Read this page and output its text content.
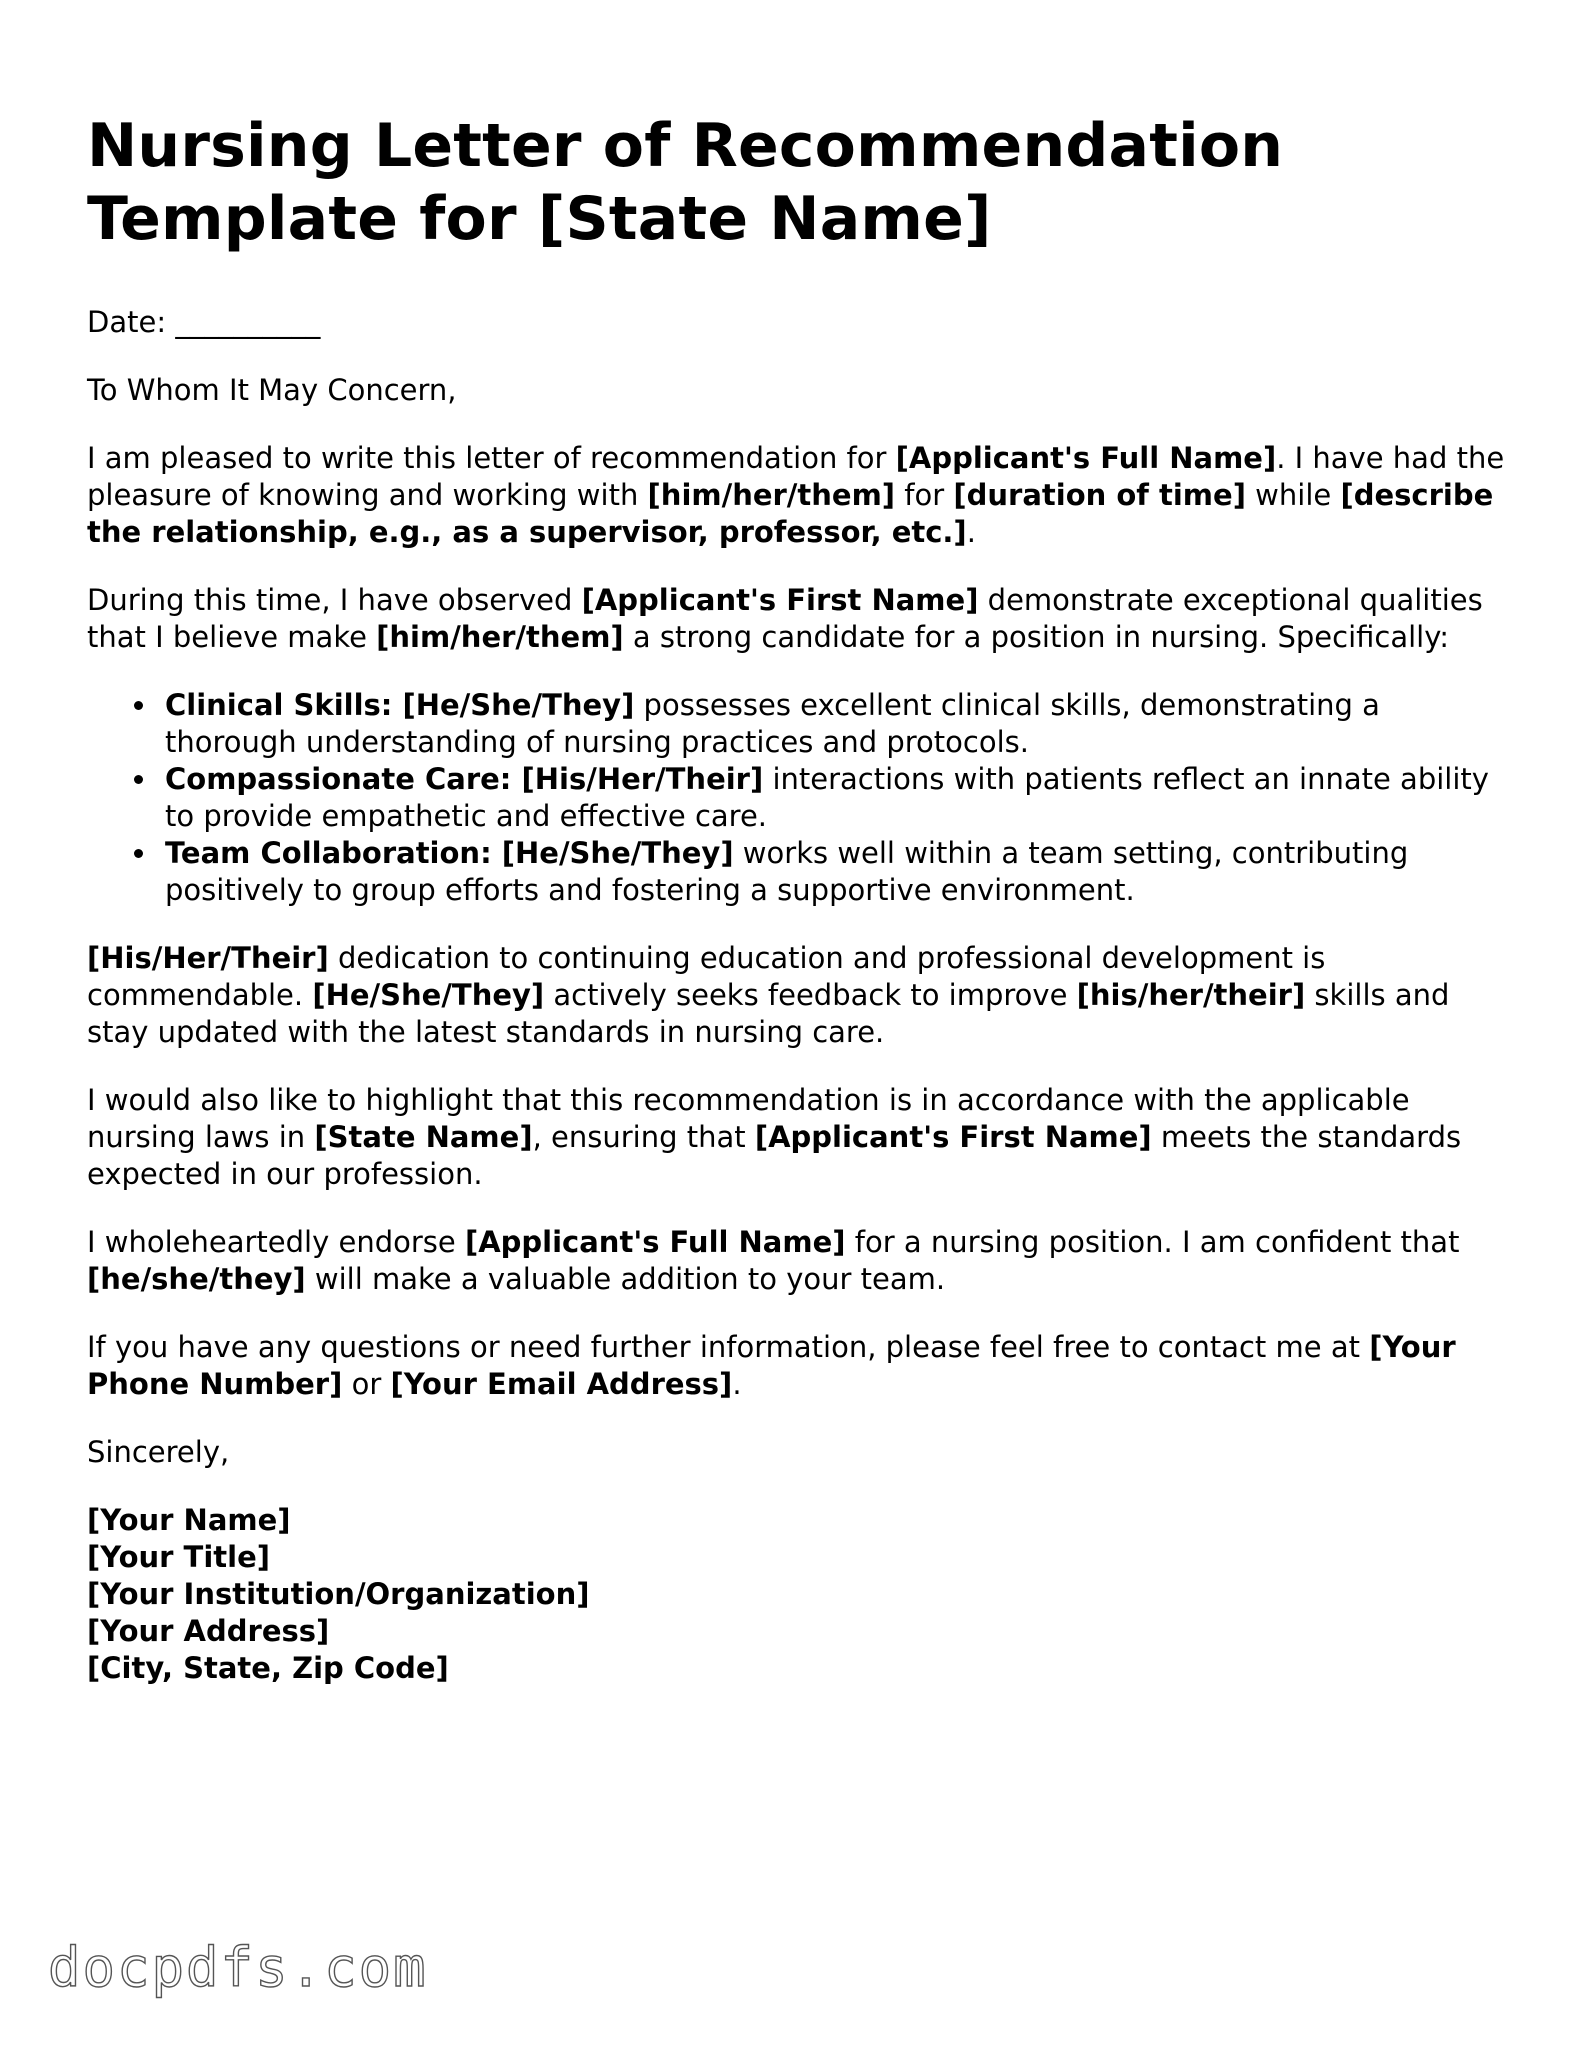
Nursing Letter of Recommendation Template for [State Name]

Date: __________

To Whom It May Concern,

I am pleased to write this letter of recommendation for [Applicant's Full Name]. I have had the pleasure of knowing and working with [him/her/them] for [duration of time] while [describe the relationship, e.g., as a supervisor, professor, etc.].

During this time, I have observed [Applicant's First Name] demonstrate exceptional qualities that I believe make [him/her/them] a strong candidate for a position in nursing. Specifically:

Clinical Skills: [He/She/They] possesses excellent clinical skills, demonstrating a thorough understanding of nursing practices and protocols.
Compassionate Care: [His/Her/Their] interactions with patients reflect an innate ability to provide empathetic and effective care.
Team Collaboration: [He/She/They] works well within a team setting, contributing positively to group efforts and fostering a supportive environment.

[His/Her/Their] dedication to continuing education and professional development is commendable. [He/She/They] actively seeks feedback to improve [his/her/their] skills and stay updated with the latest standards in nursing care.

I would also like to highlight that this recommendation is in accordance with the applicable nursing laws in [State Name], ensuring that [Applicant's First Name] meets the standards expected in our profession.

I wholeheartedly endorse [Applicant's Full Name] for a nursing position. I am confident that [he/she/they] will make a valuable addition to your team.

If you have any questions or need further information, please feel free to contact me at [Your Phone Number] or [Your Email Address].

Sincerely,

[Your Name]
[Your Title]
[Your Institution/Organization]
[Your Address]
[City, State, Zip Code]
docpdfs.com
